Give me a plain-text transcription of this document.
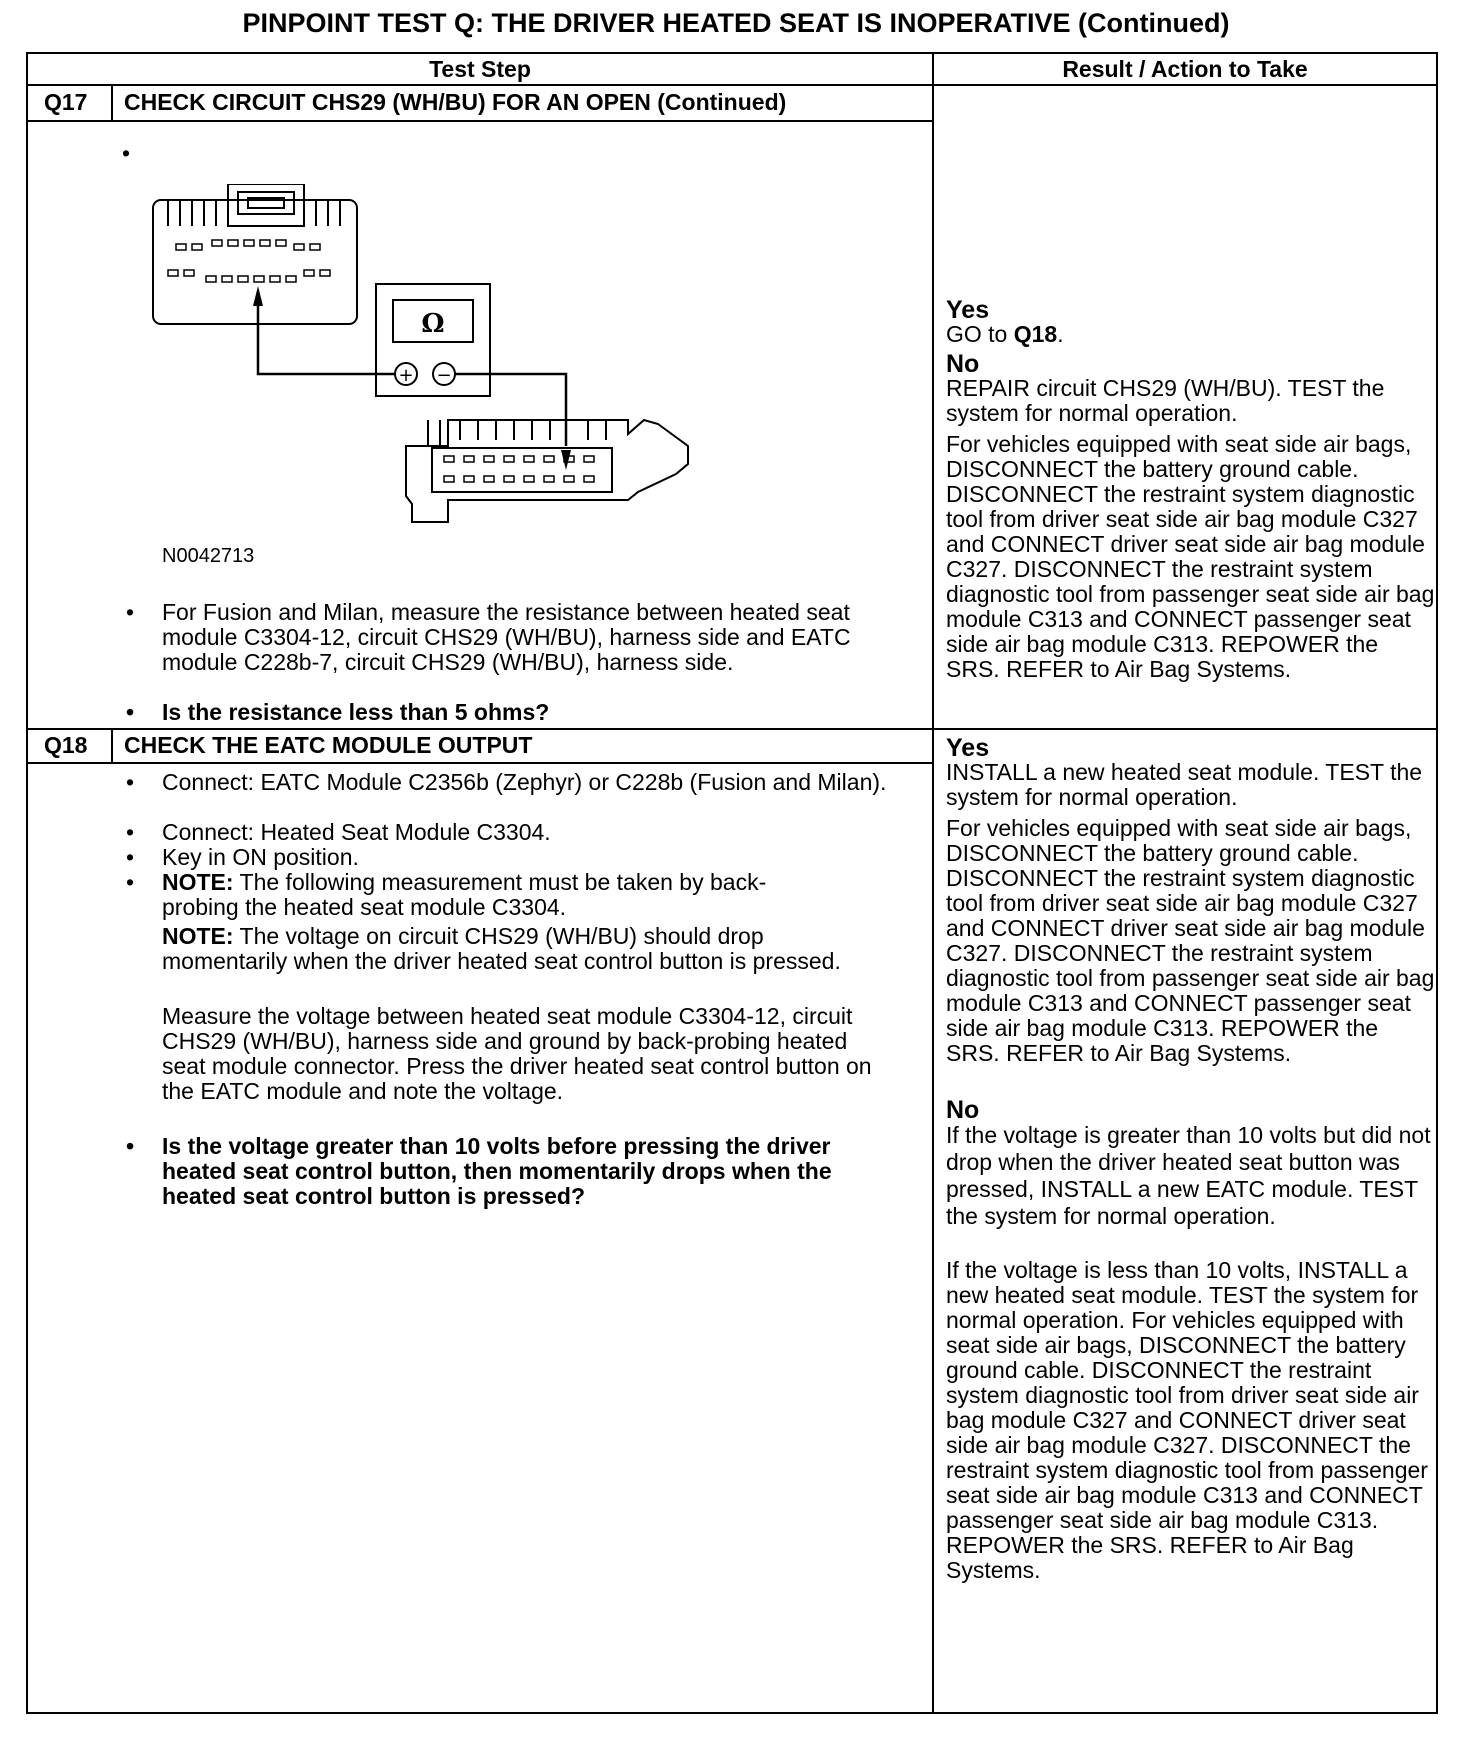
PINPOINT TEST Q: THE DRIVER HEATED SEAT IS INOPERATIVE (Continued)
Test Step	Result / Action to Take
Q17 CHECK CIRCUIT CHS29 (WH/BU) FOR AN OPEN (Continued)
•
Ω
+ −
N0042713
• For Fusion and Milan, measure the resistance between heated seat module C3304-12, circuit CHS29 (WH/BU), harness side and EATC module C228b-7, circuit CHS29 (WH/BU), harness side.
• Is the resistance less than 5 ohms?
Yes
GO to Q18.
No
REPAIR circuit CHS29 (WH/BU). TEST the system for normal operation.
For vehicles equipped with seat side air bags, DISCONNECT the battery ground cable. DISCONNECT the restraint system diagnostic tool from driver seat side air bag module C327 and CONNECT driver seat side air bag module C327. DISCONNECT the restraint system diagnostic tool from passenger seat side air bag module C313 and CONNECT passenger seat side air bag module C313. REPOWER the SRS. REFER to Air Bag Systems.
Q18 CHECK THE EATC MODULE OUTPUT
• Connect: EATC Module C2356b (Zephyr) or C228b (Fusion and Milan).
• Connect: Heated Seat Module C3304.
• Key in ON position.
• NOTE: The following measurement must be taken by back-probing the heated seat module C3304.
NOTE: The voltage on circuit CHS29 (WH/BU) should drop momentarily when the driver heated seat control button is pressed.
Measure the voltage between heated seat module C3304-12, circuit CHS29 (WH/BU), harness side and ground by back-probing heated seat module connector. Press the driver heated seat control button on the EATC module and note the voltage.
• Is the voltage greater than 10 volts before pressing the driver heated seat control button, then momentarily drops when the heated seat control button is pressed?
Yes
INSTALL a new heated seat module. TEST the system for normal operation.
For vehicles equipped with seat side air bags, DISCONNECT the battery ground cable. DISCONNECT the restraint system diagnostic tool from driver seat side air bag module C327 and CONNECT driver seat side air bag module C327. DISCONNECT the restraint system diagnostic tool from passenger seat side air bag module C313 and CONNECT passenger seat side air bag module C313. REPOWER the SRS. REFER to Air Bag Systems.
No
If the voltage is greater than 10 volts but did not drop when the driver heated seat button was pressed, INSTALL a new EATC module. TEST the system for normal operation.
If the voltage is less than 10 volts, INSTALL a new heated seat module. TEST the system for normal operation. For vehicles equipped with seat side air bags, DISCONNECT the battery ground cable. DISCONNECT the restraint system diagnostic tool from driver seat side air bag module C327 and CONNECT driver seat side air bag module C327. DISCONNECT the restraint system diagnostic tool from passenger seat side air bag module C313 and CONNECT passenger seat side air bag module C313. REPOWER the SRS. REFER to Air Bag Systems.
